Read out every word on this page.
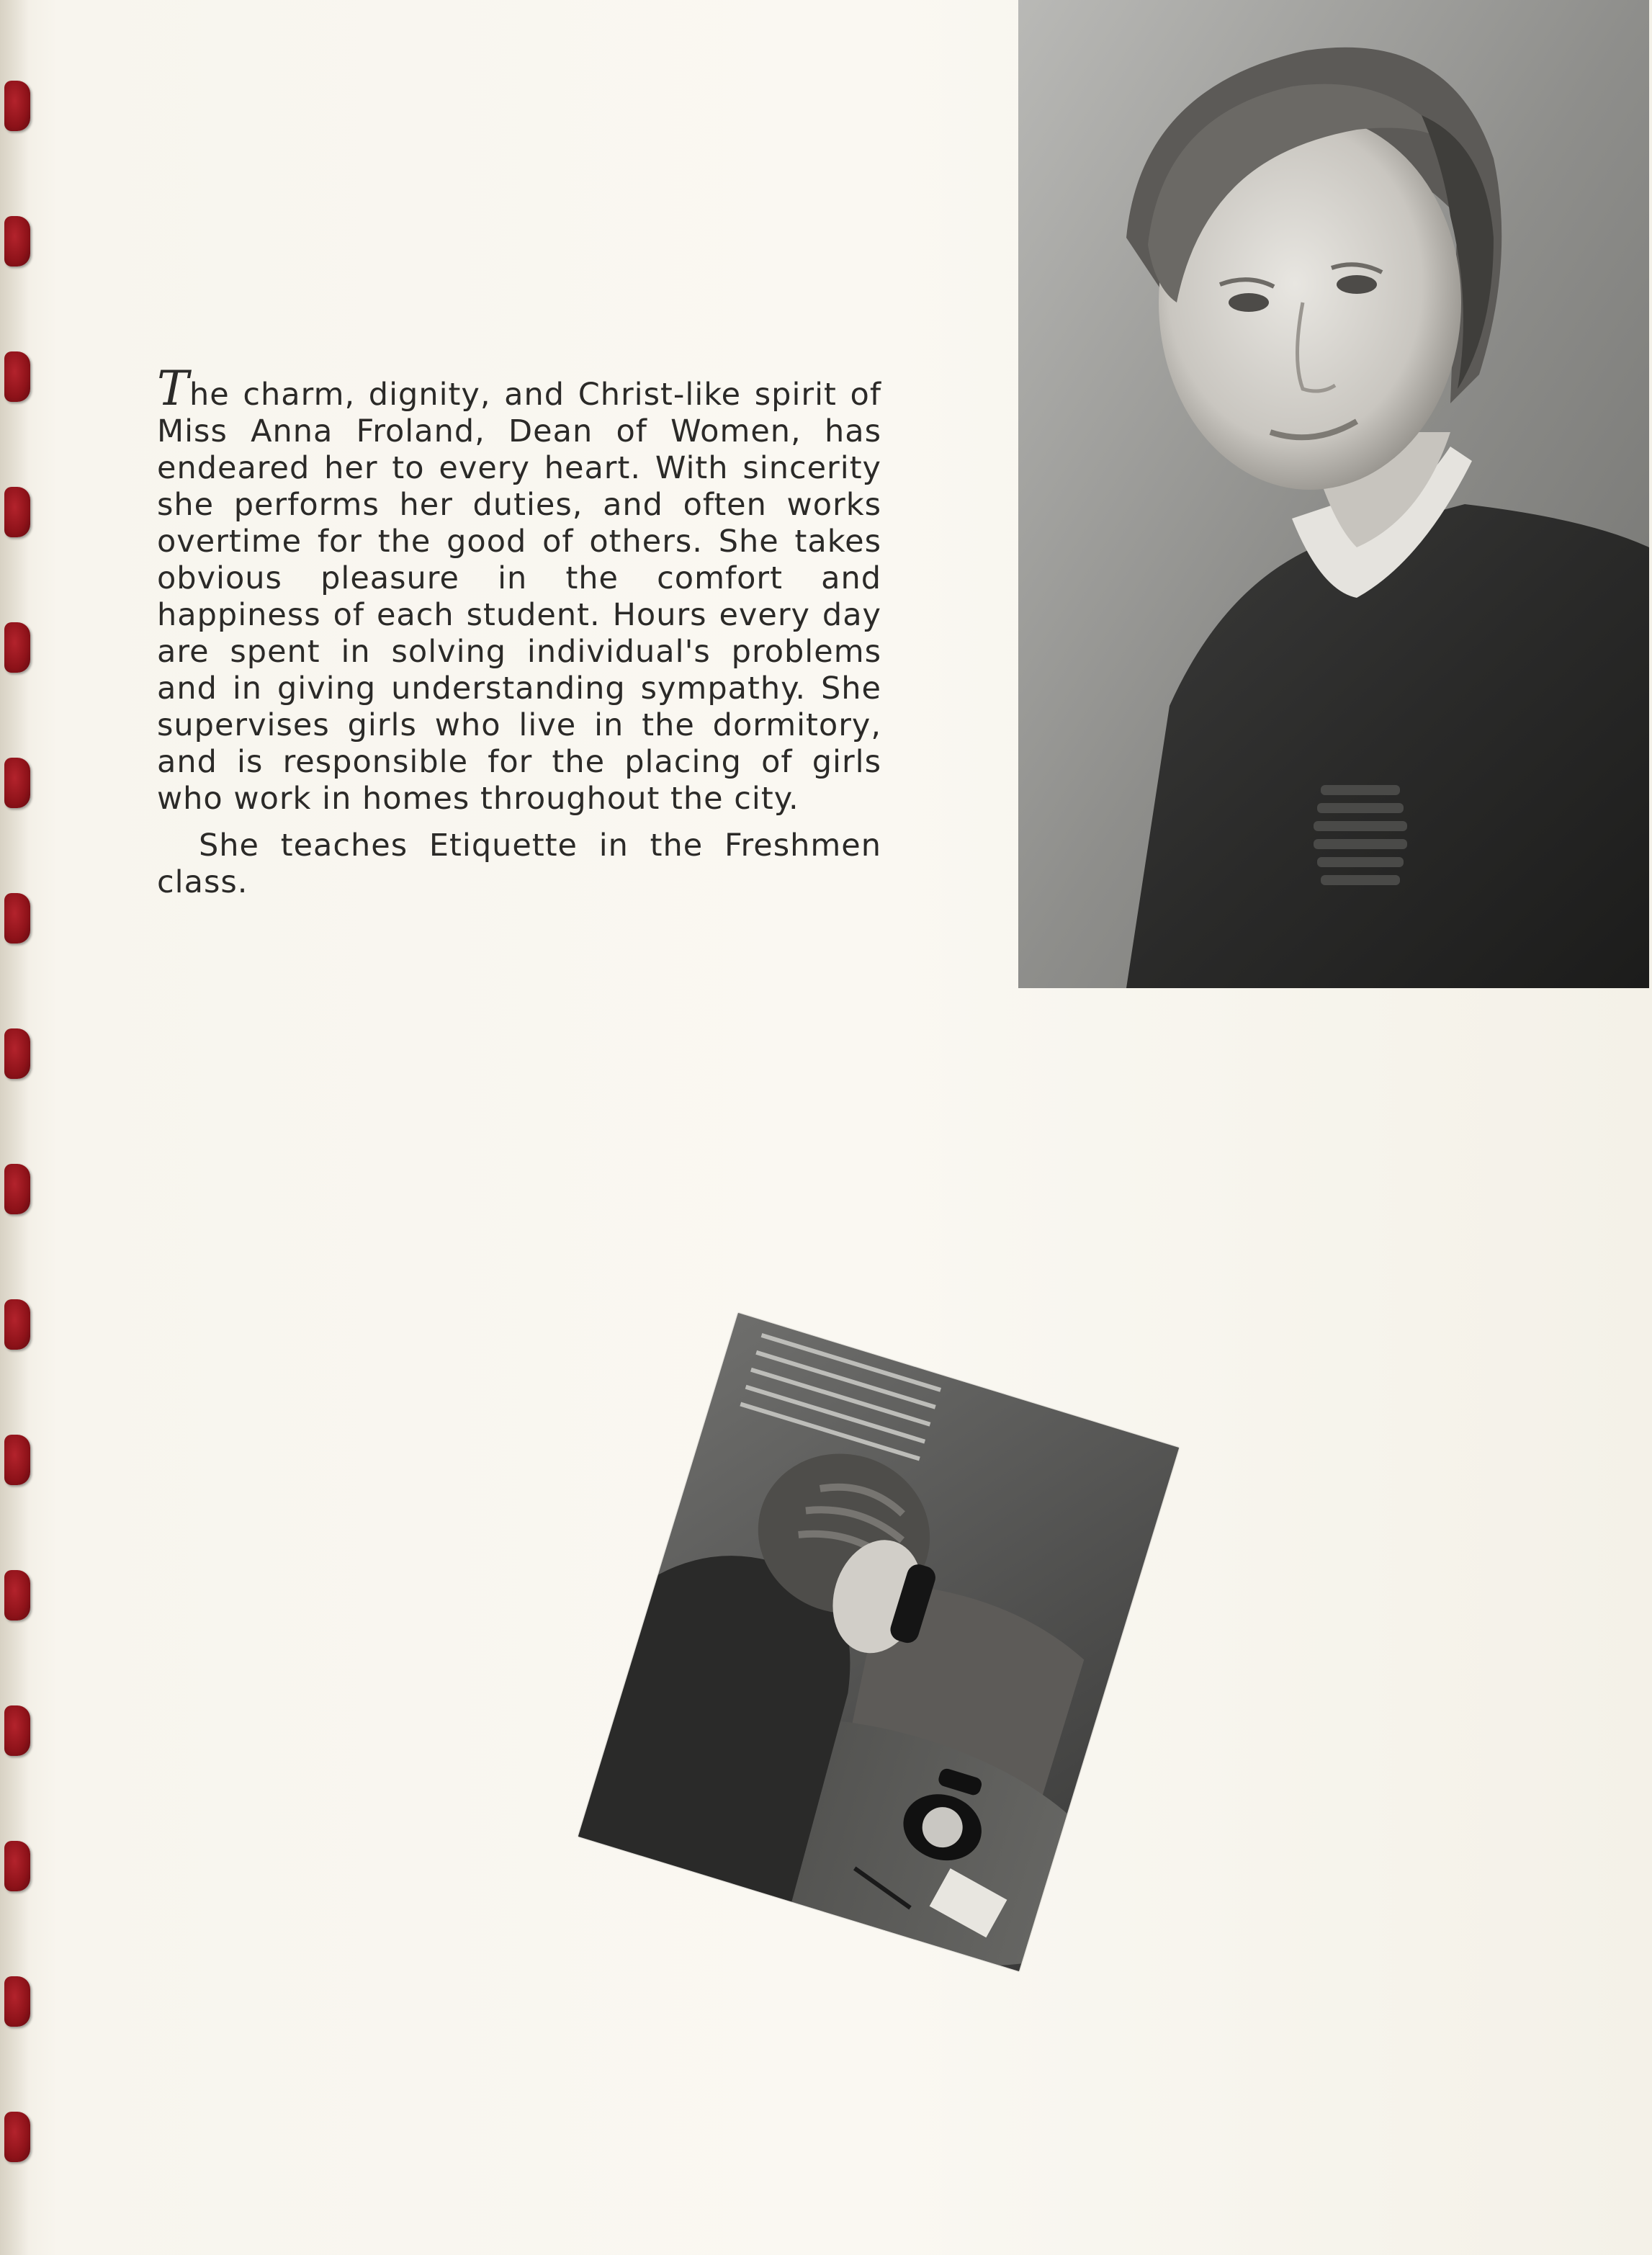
The charm, dignity, and Christ-like spirit of Miss Anna Froland, Dean of Women, has endeared her to every heart. With sincerity she performs her duties, and often works overtime for the good of others. She takes obvious pleasure in the comfort and happiness of each student. Hours every day are spent in solving individual's problems and in giving understanding sympathy. She supervises girls who live in the dormitory, and is responsible for the placing of girls who work in homes throughout the city.

She teaches Etiquette in the Freshmen class.
